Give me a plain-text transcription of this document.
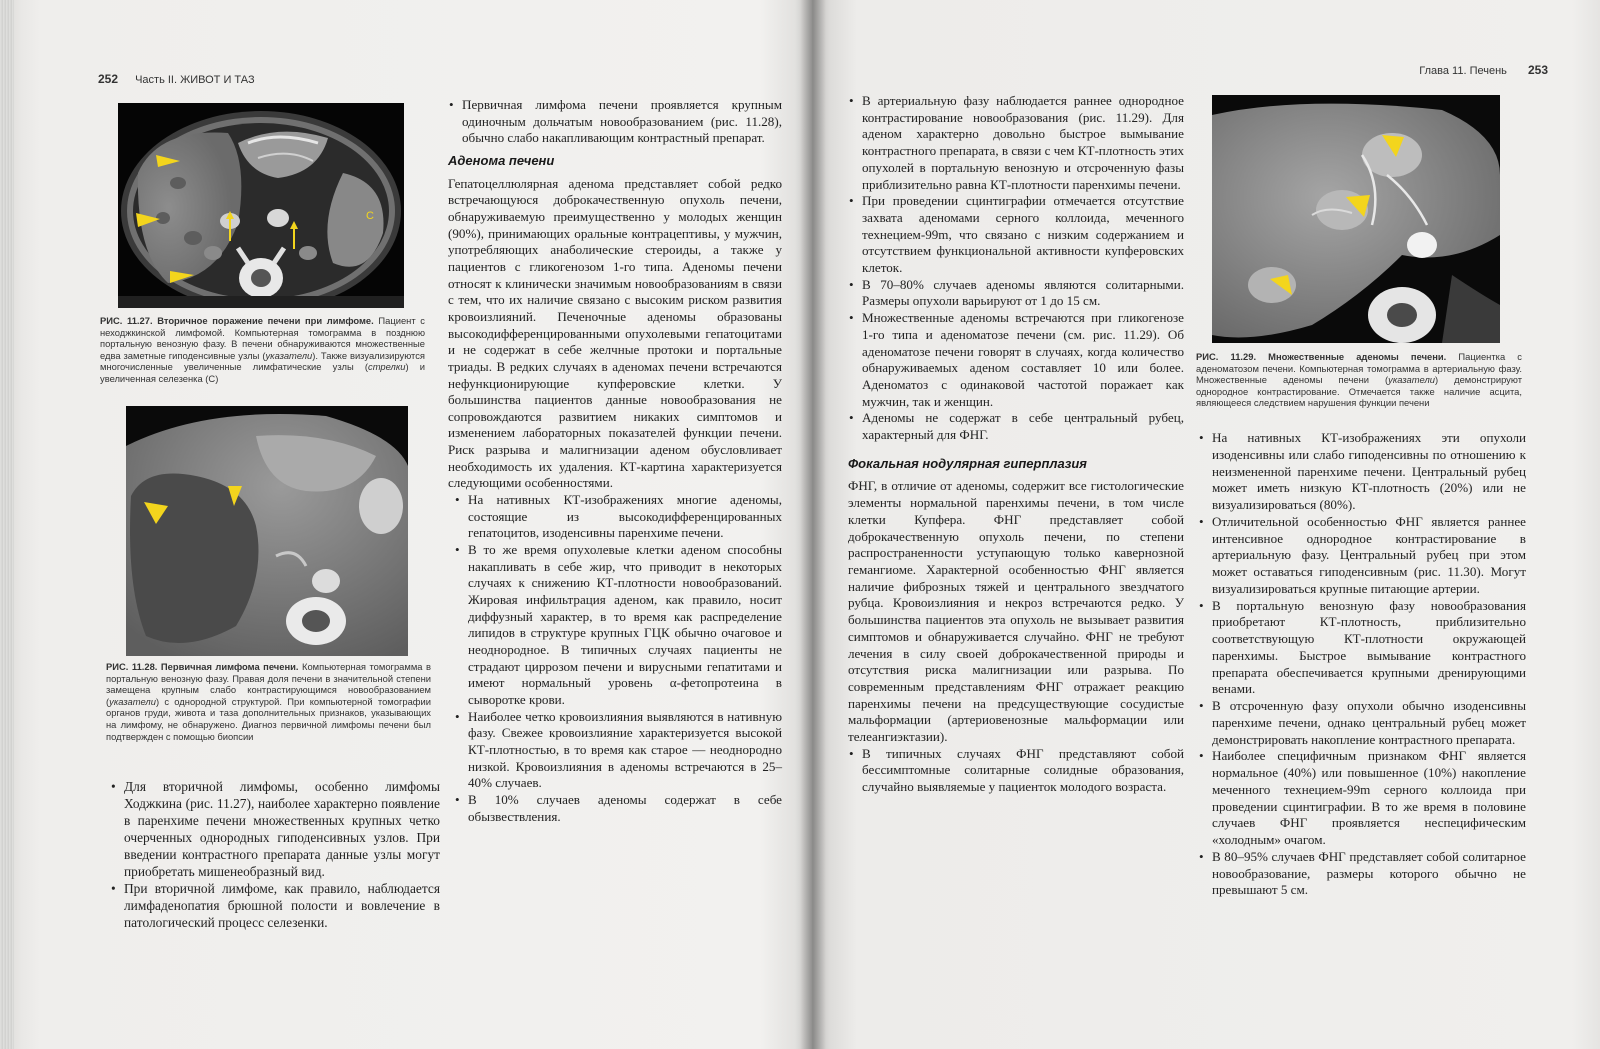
252 Часть II. ЖИВОТ И ТАЗ
C
РИС. 11.27. Вторичное поражение печени при лимфоме. Пациент с неходжкинской лимфомой. Компьютерная томограмма в позднюю портальную венозную фазу. В печени обнаруживаются множественные едва заметные гиподенсивные узлы (указатели). Также визуализируются многочисленные увеличенные лимфатические узлы (стрелки) и увеличенная селезенка (С)
РИС. 11.28. Первичная лимфома печени. Компьютерная томограмма в портальную венозную фазу. Правая доля печени в значительной степени замещена крупным слабо контрастирующимся новообразованием (указатели) с однородной структурой. При компьютерной томографии органов груди, живота и таза дополнительных признаков, указывающих на лимфому, не обнаружено. Диагноз первичной лимфомы печени был подтвержден с помощью биопсии
• Для вторичной лимфомы, особенно лимфомы Ходжкина (рис. 11.27), наиболее характерно появление в паренхиме печени множественных крупных четко очерченных однородных гиподенсивных узлов. При введении контрастного препарата данные узлы могут приобретать мишенеобразный вид.
• При вторичной лимфоме, как правило, наблюдается лимфаденопатия брюшной полости и вовлечение в патологический процесс селезенки.
• Первичная лимфома печени проявляется крупным одиночным дольчатым новообразованием (рис. 11.28), обычно слабо накапливающим контрастный препарат.
Аденома печени

Гепатоцеллюлярная аденома представляет собой редко встречающуюся доброкачественную опухоль печени, обнаруживаемую преимущественно у молодых женщин (90%), принимающих оральные контрацептивы, у мужчин, употребляющих анаболические стероиды, а также у пациентов с гликогенозом 1-го типа. Аденомы печени относят к клинически значимым новообразованиям в связи с тем, что их наличие связано с высоким риском развития кровоизлияний. Печеночные аденомы образованы высокодифференцированными опухолевыми гепатоцитами и не содержат в себе желчные протоки и портальные триады. В редких случаях в аденомах печени встречаются нефункционирующие купферовские клетки. У большинства пациентов данные новообразования не сопровождаются развитием никаких симптомов и изменением лабораторных показателей функции печени. Риск разрыва и малигнизации аденом обусловливает необходимость их удаления. КТ-картина характеризуется следующими особенностями.

• На нативных КТ-изображениях многие аденомы, состоящие из высокодифференцированных гепатоцитов, изоденсивны паренхиме печени.
• В то же время опухолевые клетки аденом способны накапливать в себе жир, что приводит в некоторых случаях к снижению КТ-плотности новообразований. Жировая инфильтрация аденом, как правило, носит диффузный характер, в то время как распределение липидов в структуре крупных ГЦК обычно очаговое и неоднородное. В типичных случаях пациенты не страдают циррозом печени и вирусными гепатитами и имеют нормальный уровень α-фетопротеина в сыворотке крови.
• Наиболее четко кровоизлияния выявляются в нативную фазу. Свежее кровоизлияние характеризуется высокой КТ-плотностью, в то время как старое — неоднородно низкой. Кровоизлияния в аденомы встречаются в 25–40% случаев.
• В 10% случаев аденомы содержат в себе обызвествления.
Глава 11. Печень 253
• В артериальную фазу наблюдается раннее однородное контрастирование новообразования (рис. 11.29). Для аденом характерно довольно быстрое вымывание контрастного препарата, в связи с чем КТ-плотность этих опухолей в портальную венозную и отсроченную фазы приблизительно равна КТ-плотности паренхимы печени.
• При проведении сцинтиграфии отмечается отсутствие захвата аденомами серного коллоида, меченного технецием-99m, что связано с низким содержанием и отсутствием функциональной активности купферовских клеток.
• В 70–80% случаев аденомы являются солитарными. Размеры опухоли варьируют от 1 до 15 см.
• Множественные аденомы встречаются при гликогенозе 1-го типа и аденоматозе печени (см. рис. 11.29). Об аденоматозе печени говорят в случаях, когда количество обнаруживаемых аденом составляет 10 или более. Аденоматоз с одинаковой частотой поражает как мужчин, так и женщин.
• Аденомы не содержат в себе центральный рубец, характерный для ФНГ.
Фокальная нодулярная гиперплазия

ФНГ, в отличие от аденомы, содержит все гистологические элементы нормальной паренхимы печени, в том числе клетки Купфера. ФНГ представляет собой доброкачественную опухоль печени, по степени распространенности уступающую только кавернозной гемангиоме. Характерной особенностью ФНГ является наличие фиброзных тяжей и центрального звездчатого рубца. Кровоизлияния и некроз встречаются редко. У большинства пациентов эта опухоль не вызывает развития симптомов и обнаруживается случайно. ФНГ не требуют лечения в силу своей доброкачественной природы и отсутствия риска малигнизации или разрыва. По современным представлениям ФНГ отражает реакцию паренхимы печени на предсуществующие сосудистые мальформации (артериовенозные мальформации или телеангиэктазии).

• В типичных случаях ФНГ представляют собой бессимптомные солитарные солидные образования, случайно выявляемые у пациенток молодого возраста.
РИС. 11.29. Множественные аденомы печени. Пациентка с аденоматозом печени. Компьютерная томограмма в артериальную фазу. Множественные аденомы печени (указатели) демонстрируют однородное контрастирование. Отмечается также наличие асцита, являющееся следствием нарушения функции печени
• На нативных КТ-изображениях эти опухоли изоденсивны или слабо гиподенсивны по отношению к неизмененной паренхиме печени. Центральный рубец может иметь низкую КТ-плотность (20%) или не визуализироваться (80%).
• Отличительной особенностью ФНГ является раннее интенсивное однородное контрастирование в артериальную фазу. Центральный рубец при этом может оставаться гиподенсивным (рис. 11.30). Могут визуализироваться крупные питающие артерии.
• В портальную венозную фазу новообразования приобретают КТ-плотность, приблизительно соответствующую КТ-плотности окружающей паренхимы. Быстрое вымывание контрастного препарата обеспечивается крупными дренирующими венами.
• В отсроченную фазу опухоли обычно изоденсивны паренхиме печени, однако центральный рубец может демонстрировать накопление контрастного препарата.
• Наиболее специфичным признаком ФНГ является нормальное (40%) или повышенное (10%) накопление меченного технецием-99m серного коллоида при проведении сцинтиграфии. В то же время в половине случаев ФНГ проявляется неспецифическим «холодным» очагом.
• В 80–95% случаев ФНГ представляет собой солитарное новообразование, размеры которого обычно не превышают 5 см.
